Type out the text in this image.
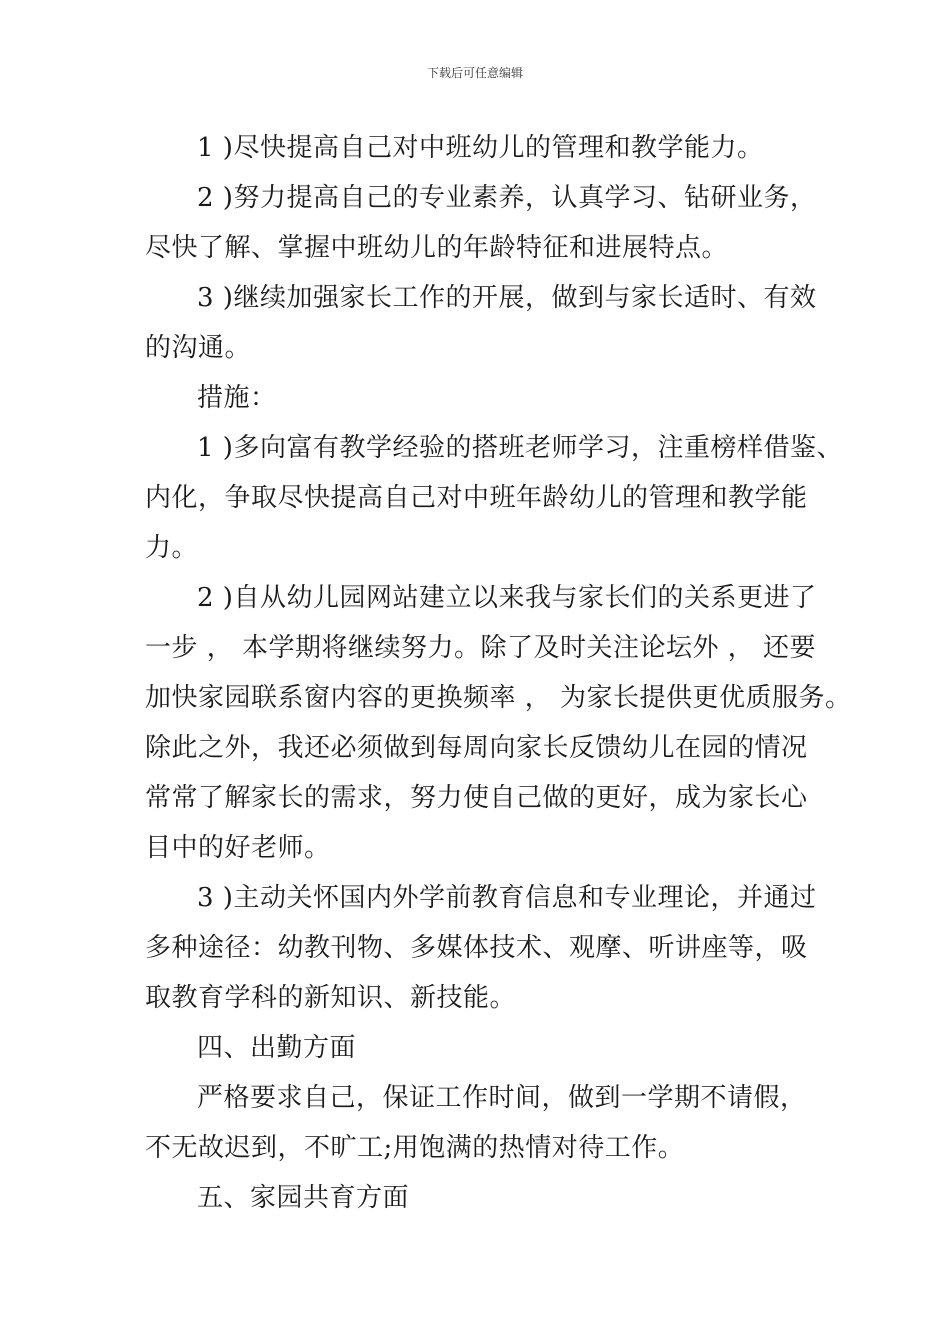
下载后可任意编辑

1 )尽快提高自己对中班幼儿的管理和教学能力。

2 )努力提高自己的专业素养，认真学习、钻研业务，
尽快了解、掌握中班幼儿的年龄特征和进展特点。

3 )继续加强家长工作的开展，做到与家长适时、有效
的沟通。

措施：

1 )多向富有教学经验的搭班老师学习，注重榜样借鉴、
内化，争取尽快提高自己对中班年龄幼儿的管理和教学能
力。

2 )自从幼儿园网站建立以来我与家长们的关系更进了
一步 ， 本学期将继续努力。除了及时关注论坛外 ， 还要
加快家园联系窗内容的更换频率 ， 为家长提供更优质服务。
除此之外，我还必须做到每周向家长反馈幼儿在园的情况
常常了解家长的需求，努力使自己做的更好，成为家长心
目中的好老师。

3 )主动关怀国内外学前教育信息和专业理论，并通过
多种途径：幼教刊物、多媒体技术、观摩、听讲座等，吸
取教育学科的新知识、新技能。

四、出勤方面

严格要求自己，保证工作时间，做到一学期不请假，
不无故迟到，不旷工;用饱满的热情对待工作。

五、家园共育方面
